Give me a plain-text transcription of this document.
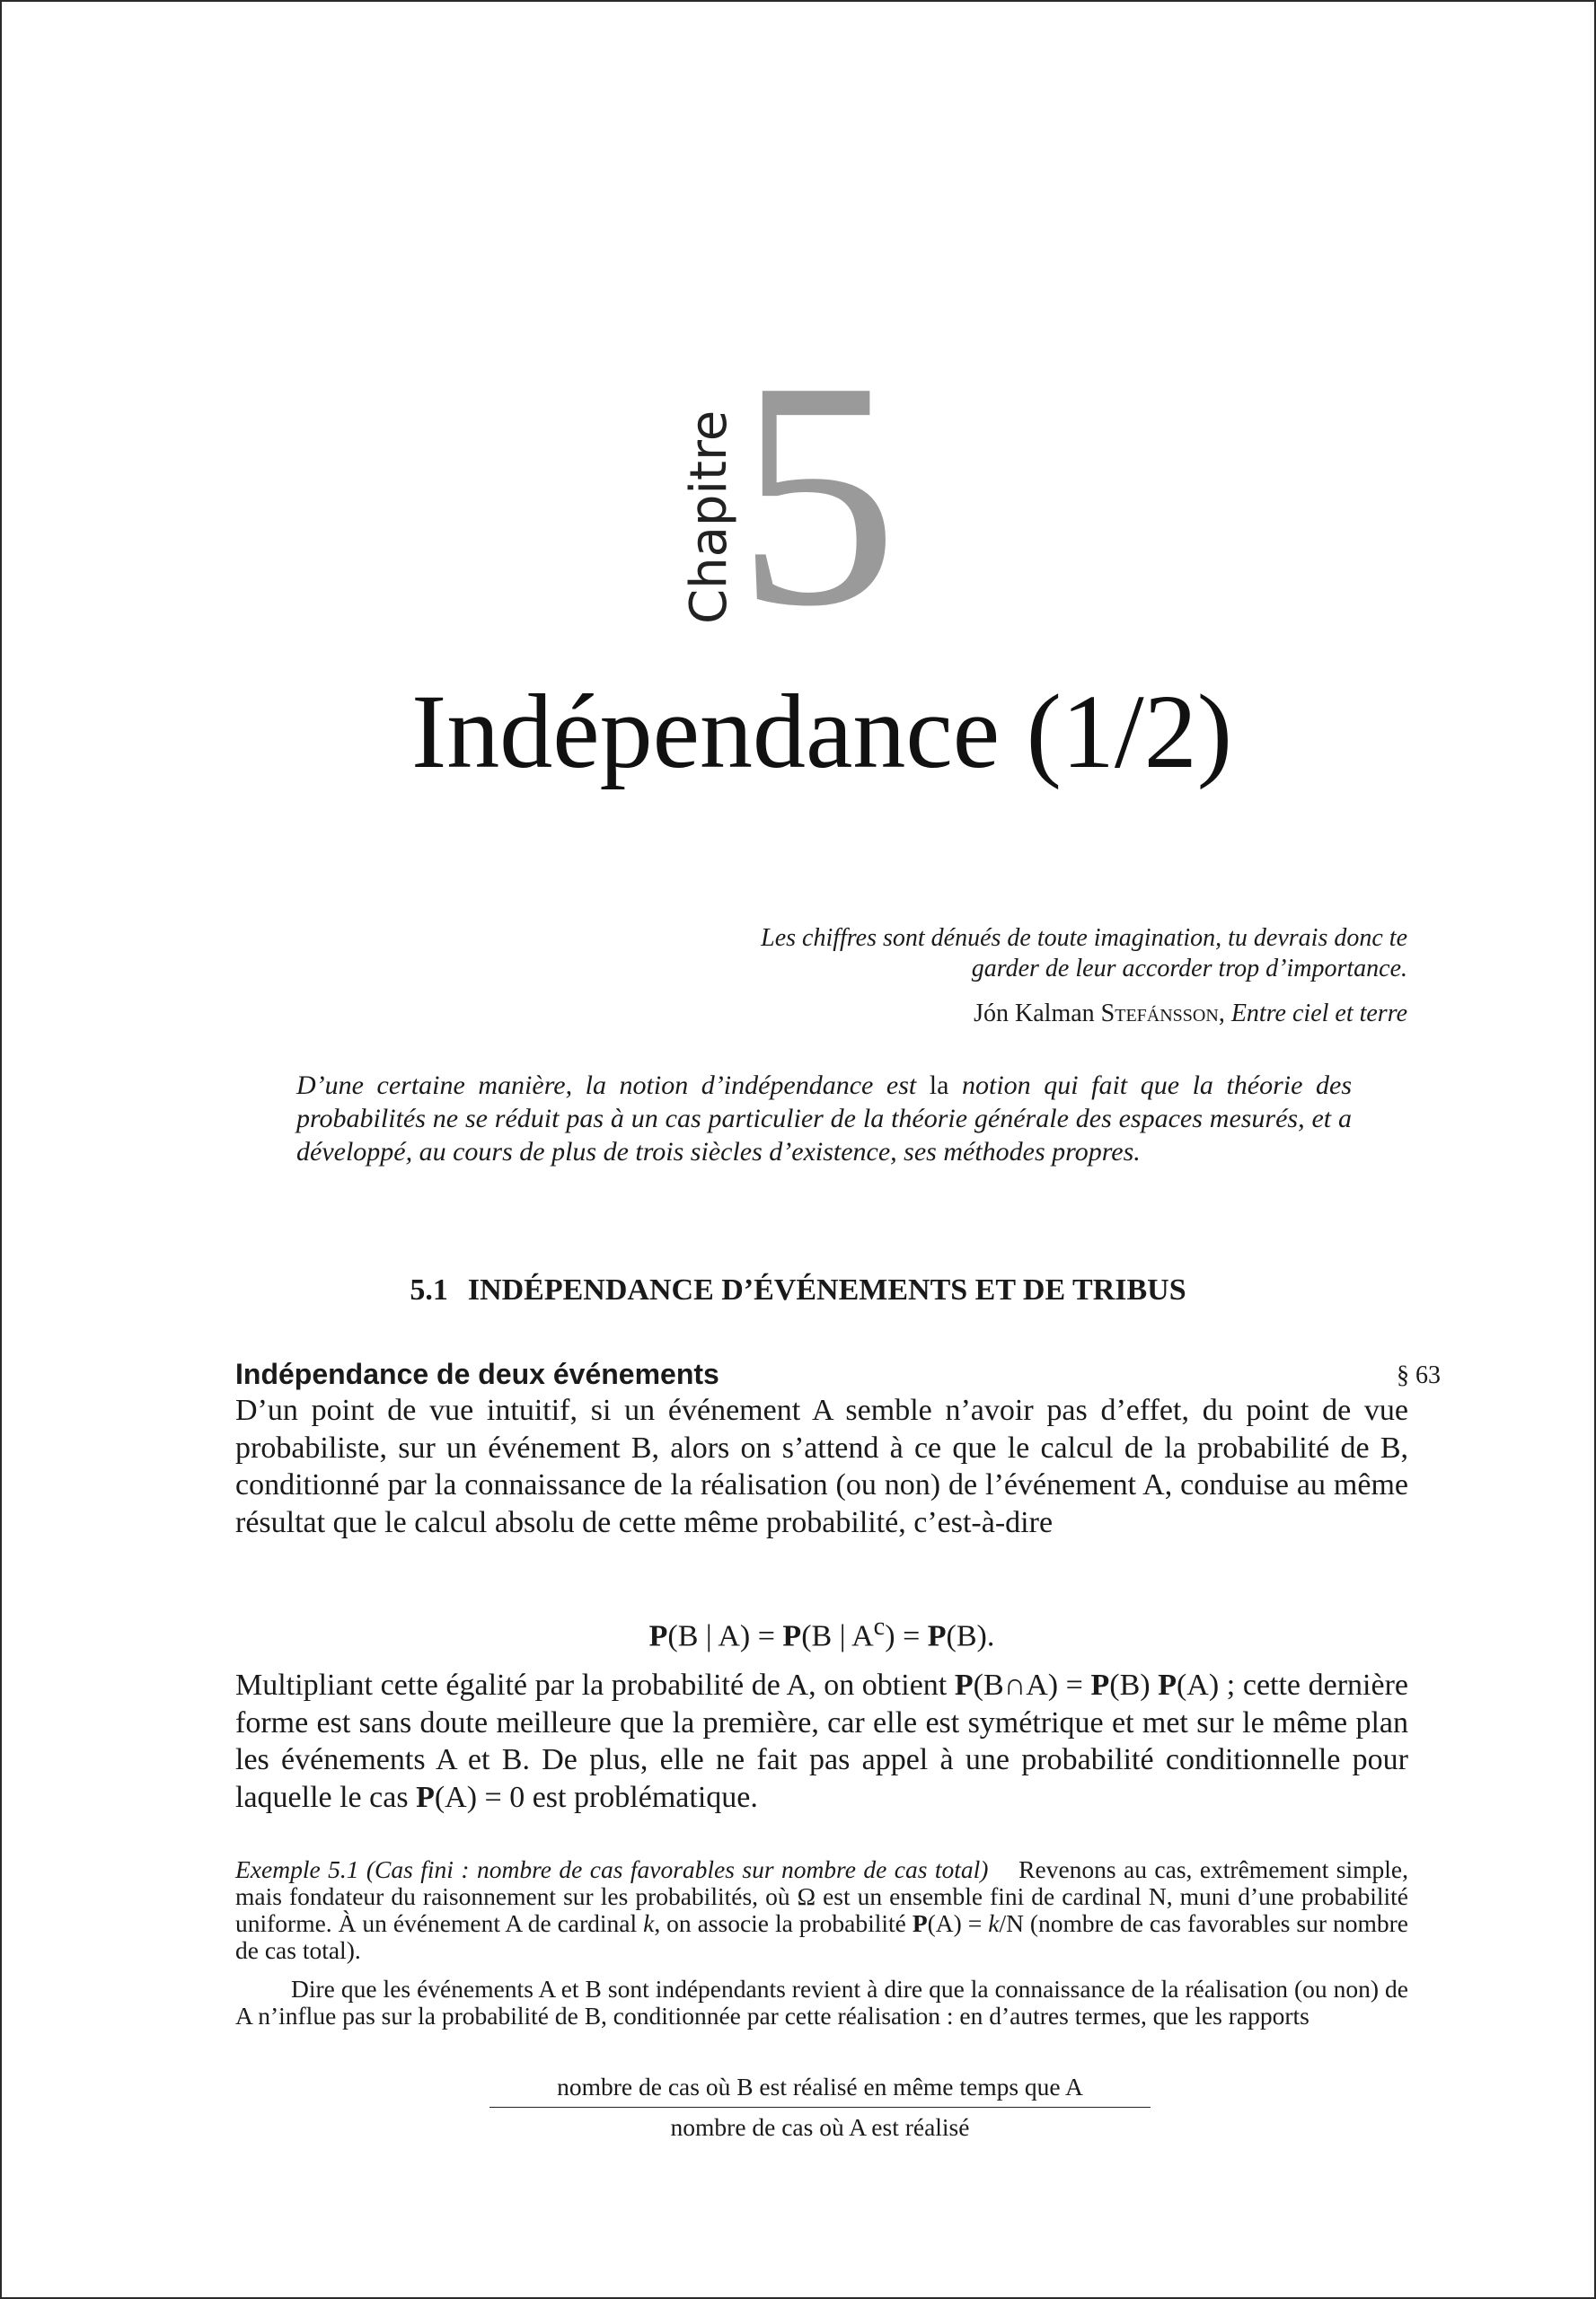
Chapitre
5
Indépendance (1/2)
Les chiffres sont dénués de toute imagination, tu devrais donc te
garder de leur accorder trop d’importance.
Jón Kalman Stefánsson, Entre ciel et terre
D’une certaine manière, la notion d’indépendance est la notion qui fait que la théorie des probabilités ne se réduit pas à un cas particulier de la théorie générale des espaces mesurés, et a développé, au cours de plus de trois siècles d’existence, ses méthodes propres.
5.1 INDÉPENDANCE D’ÉVÉNEMENTS ET DE TRIBUS
Indépendance de deux événements	§ 63
D’un point de vue intuitif, si un événement A semble n’avoir pas d’effet, du point de vue probabiliste, sur un événement B, alors on s’attend à ce que le calcul de la probabilité de B, conditionné par la connaissance de la réalisation (ou non) de l’événement A, conduise au même résultat que le calcul absolu de cette même probabilité, c’est-à-dire
P(B | A) = P(B | $A^c) = P(B)$.
Multipliant cette égalité par la probabilité de A, on obtient P(B∩A) = P(B) P(A) ; cette dernière forme est sans doute meilleure que la première, car elle est symétrique et met sur le même plan les événements A et B. De plus, elle ne fait pas appel à une probabilité conditionnelle pour laquelle le cas P(A) = 0 est problématique.
Exemple 5.1 (Cas fini : nombre de cas favorables sur nombre de cas total) Revenons au cas, extrêmement simple, mais fondateur du raisonnement sur les probabilités, où Ω est un ensemble fini de cardinal N, muni d’une probabilité uniforme. À un événement A de cardinal k, on associe la probabilité P(A) = k/N (nombre de cas favorables sur nombre de cas total).
Dire que les événements A et B sont indépendants revient à dire que la connaissance de la réalisation (ou non) de A n’influe pas sur la probabilité de B, conditionnée par cette réalisation : en d’autres termes, que les rapports
nombre de cas où B est réalisé en même temps que A
nombre de cas où A est réalisé
